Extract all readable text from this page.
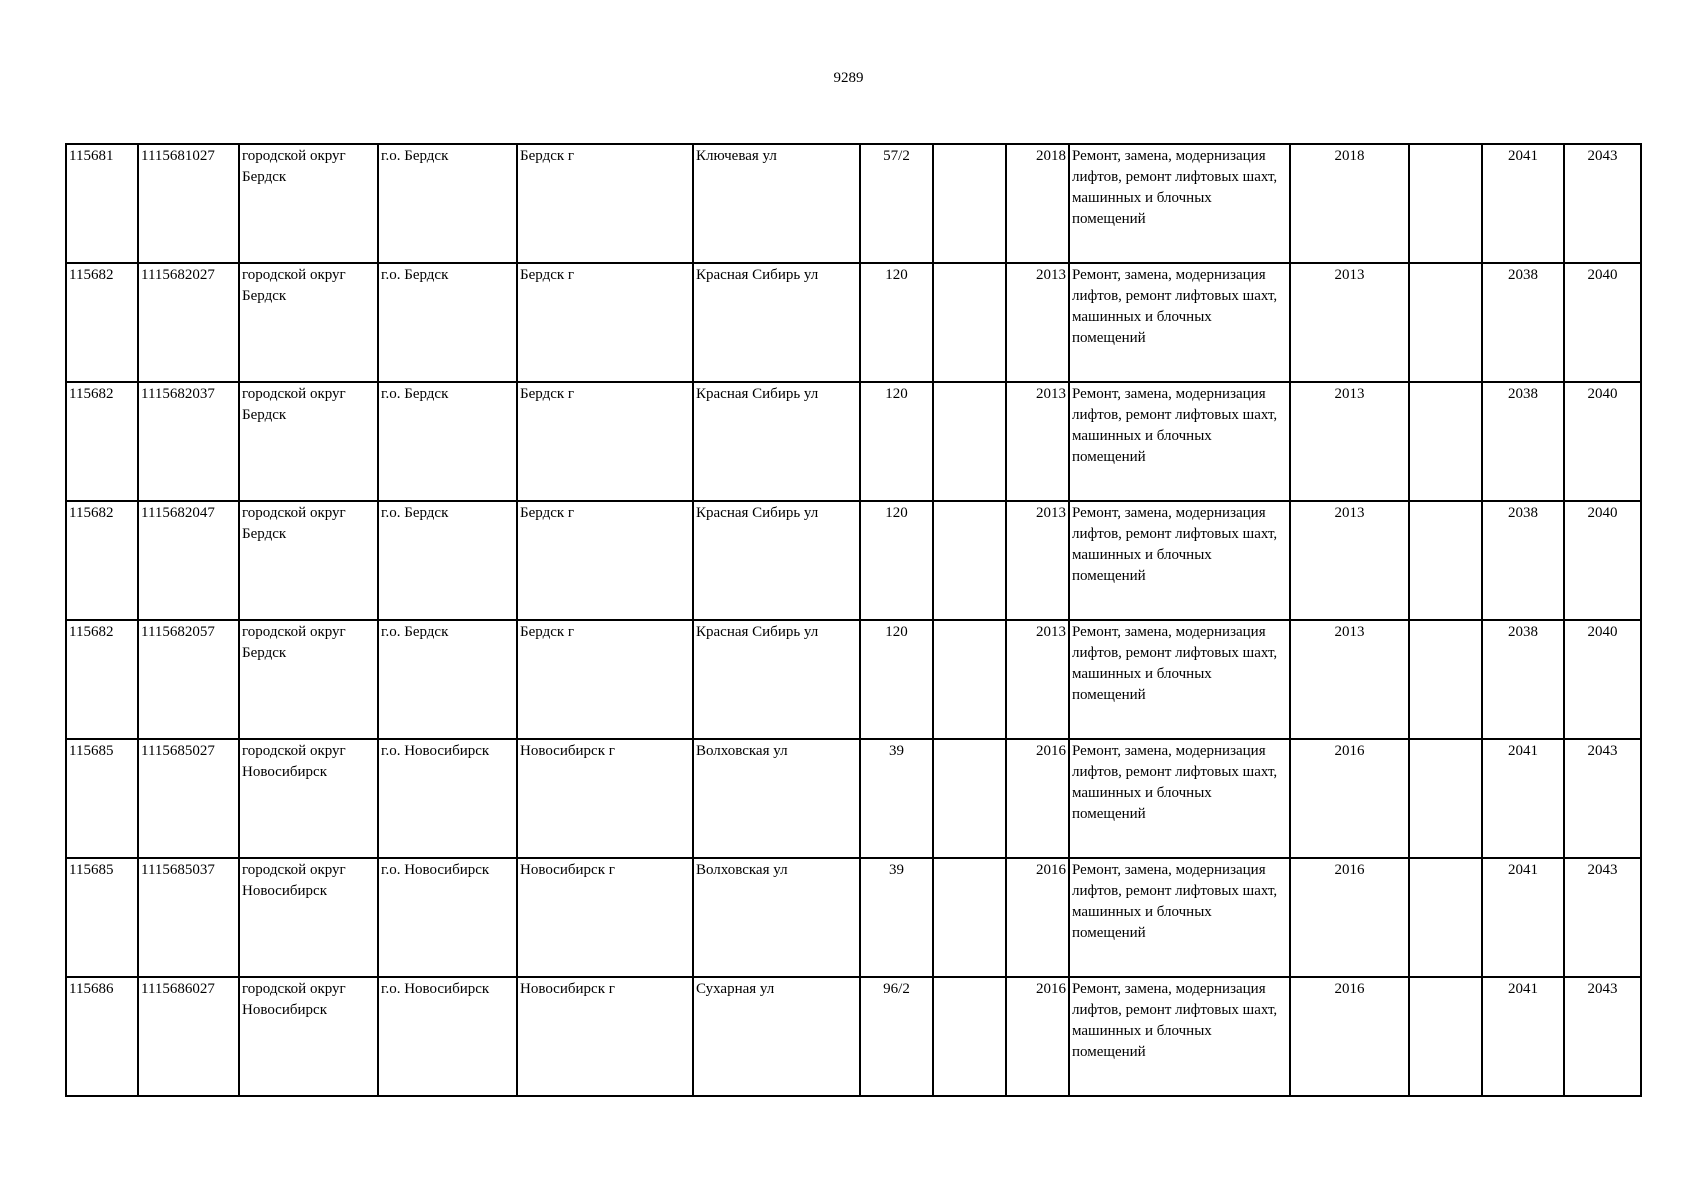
9289
115681	1115681027	городской округ Бердск	г.о. Бердск	Бердск г	Ключевая ул	57/2		2018	Ремонт, замена, модернизация лифтов, ремонт лифтовых шахт, машинных и блочных помещений	2018		2041	2043
115682	1115682027	городской округ Бердск	г.о. Бердск	Бердск г	Красная Сибирь ул	120		2013	Ремонт, замена, модернизация лифтов, ремонт лифтовых шахт, машинных и блочных помещений	2013		2038	2040
115682	1115682037	городской округ Бердск	г.о. Бердск	Бердск г	Красная Сибирь ул	120		2013	Ремонт, замена, модернизация лифтов, ремонт лифтовых шахт, машинных и блочных помещений	2013		2038	2040
115682	1115682047	городской округ Бердск	г.о. Бердск	Бердск г	Красная Сибирь ул	120		2013	Ремонт, замена, модернизация лифтов, ремонт лифтовых шахт, машинных и блочных помещений	2013		2038	2040
115682	1115682057	городской округ Бердск	г.о. Бердск	Бердск г	Красная Сибирь ул	120		2013	Ремонт, замена, модернизация лифтов, ремонт лифтовых шахт, машинных и блочных помещений	2013		2038	2040
115685	1115685027	городской округ Новосибирск	г.о. Новосибирск	Новосибирск г	Волховская ул	39		2016	Ремонт, замена, модернизация лифтов, ремонт лифтовых шахт, машинных и блочных помещений	2016		2041	2043
115685	1115685037	городской округ Новосибирск	г.о. Новосибирск	Новосибирск г	Волховская ул	39		2016	Ремонт, замена, модернизация лифтов, ремонт лифтовых шахт, машинных и блочных помещений	2016		2041	2043
115686	1115686027	городской округ Новосибирск	г.о. Новосибирск	Новосибирск г	Сухарная ул	96/2		2016	Ремонт, замена, модернизация лифтов, ремонт лифтовых шахт, машинных и блочных помещений	2016		2041	2043
